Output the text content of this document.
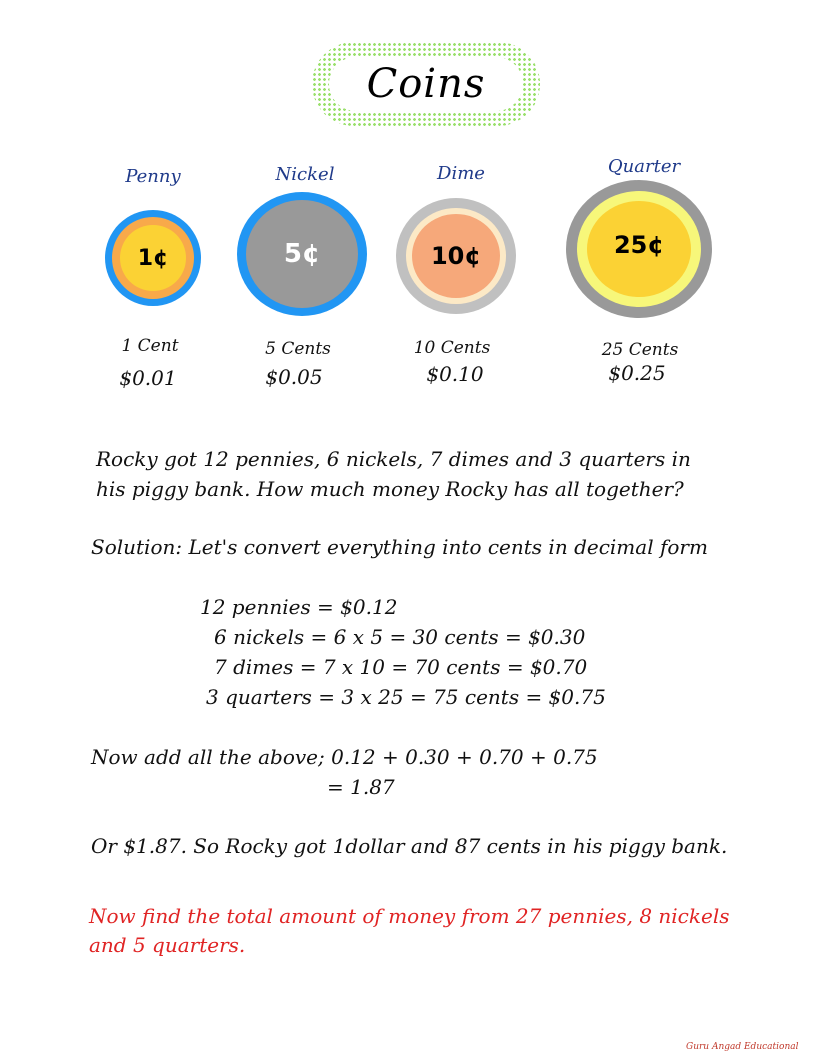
Coins
Penny	Nickel	Dime	Quarter
1¢	5¢	10¢	25¢
1 Cent	5 Cents	10 Cents	25 Cents
$0.01	$0.05	$0.10	$0.25
Rocky got 12 pennies, 6 nickels, 7 dimes and 3 quarters in
his piggy bank. How much money Rocky has all together?
Solution: Let's convert everything into cents in decimal form
12 pennies = $0.12
6 nickels = 6 x 5 = 30 cents = $0.30
7 dimes = 7 x 10 = 70 cents = $0.70
3 quarters = 3 x 25 = 75 cents = $0.75
Now add all the above; 0.12 + 0.30 + 0.70 + 0.75
= 1.87
Or $1.87. So Rocky got 1dollar and 87 cents in his piggy bank.
Now find the total amount of money from 27 pennies, 8 nickels
and 5 quarters.
Guru Angad Educational
